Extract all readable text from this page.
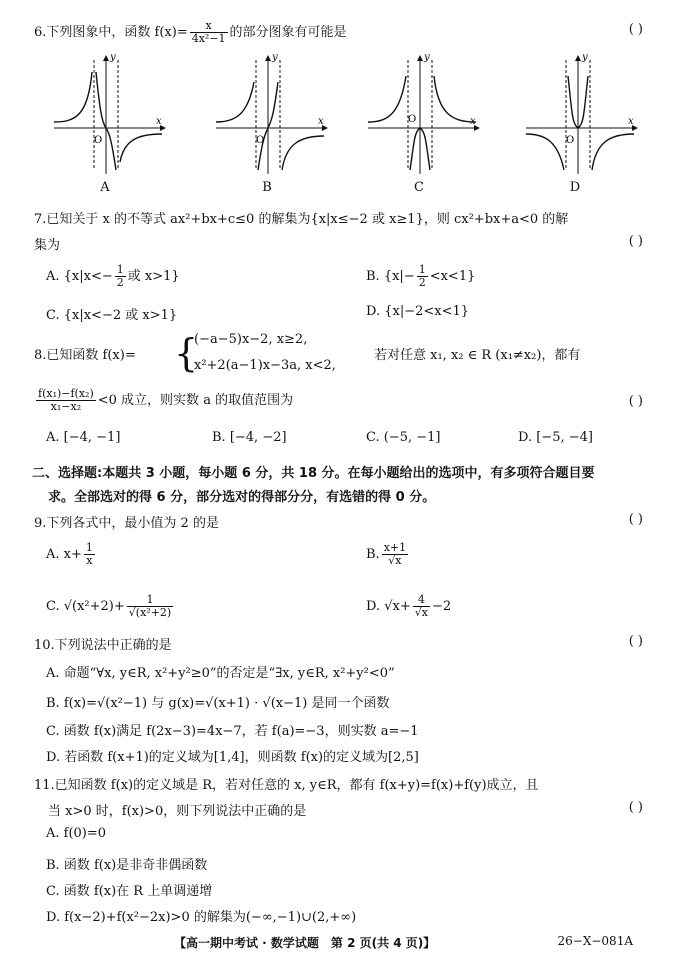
6.下列图象中，函数 $f(x)= \frac{x}{\text{4x²−1}}$ 的部分图象有可能是	( )
y
x
O
A
y
x
O
B
y
x
O
C
y
x
O
D
7.已知关于 x 的不等式 ax²+bx+c≤0 的解集为{x|x≤−2 或 x≥1}，则 cx²+bx+a<0 的解
集为	( )
A. {$x|x<- \frac{1}{2}$ 或 x>1}	B. $\{x|- \frac{1}{2} <x<1\}$
C. {x|x<−2 或 x>1}	D. {x|−2<x<1}
8.已知函数 f(x)= {
(−a−5)x−2, x≥2,
x²+2(a−1)x−3a, x<2,
若对任意 x₁, x₂ ∈ R (x₁≠x₂)，都有
$\frac{\text{f(x₁)−f(x₂)}}{\text{x₁−x₂}} <0$ 成立，则实数 a 的取值范围为	( )
A. [−4, −1]	B. [−4, −2]	C. (−5, −1]	D. [−5, −4]
二、选择题:本题共 3 小题，每小题 6 分，共 18 分。在每小题给出的选项中，有多项符合题目要
求。全部选对的得 6 分，部分选对的得部分分，有选错的得 0 分。
9.下列各式中，最小值为 2 的是	( )
A. $x+ \frac{1}{x}$	B. $\frac{x+1}{√x}$
C. $√(x^2+2)+ \frac{1}{\text{√(x²+2)}}$	D. $√x+ \frac{4}{√x} -2$
10.下列说法中正确的是	( )
A. 命题“∀x, y∈R, x²+y²≥0”的否定是“∃x, y∈R, x²+y²<0”
B. f(x)=√(x²−1) 与 g(x)=√(x+1) · √(x−1) 是同一个函数
C. 函数 f(x)满足 f(2x−3)=4x−7，若 f(a)=−3，则实数 a=−1
D. 若函数 f(x+1)的定义域为[1,4]，则函数 f(x)的定义域为[2,5]
11.已知函数 f(x)的定义域是 R，若对任意的 x, y∈R，都有 f(x+y)=f(x)+f(y)成立，且
当 x>0 时，f(x)>0，则下列说法中正确的是	( )
A. f(0)=0
B. 函数 f(x)是非奇非偶函数
C. 函数 f(x)在 R 上单调递增
D. f(x−2)+f(x²−2x)>0 的解集为(−∞,−1)∪(2,+∞)
【高一期中考试 · 数学试题　第 2 页(共 4 页)】	26−X−081A
